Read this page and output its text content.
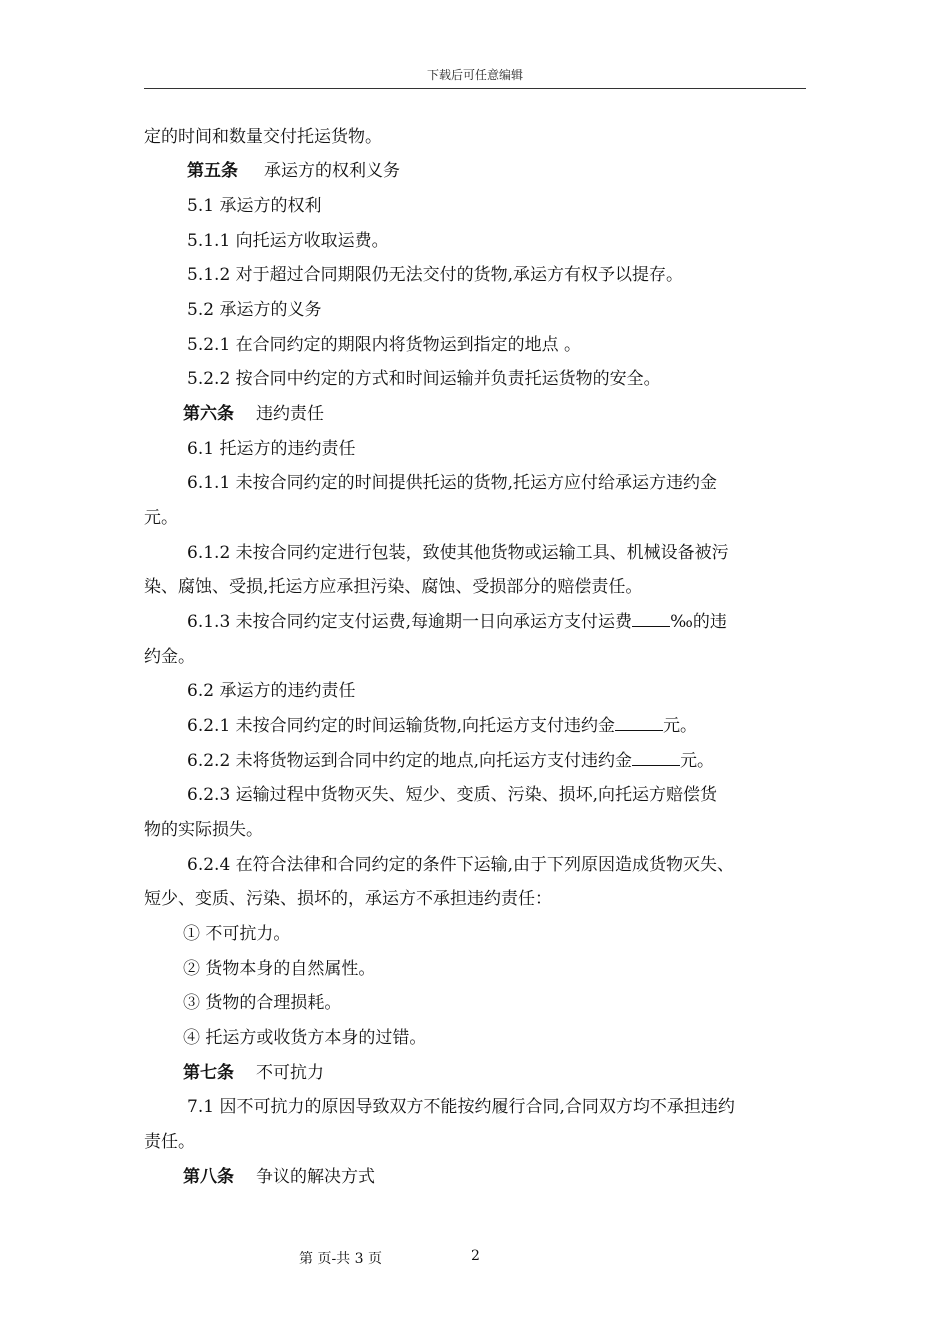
下载后可任意编辑
定的时间和数量交付托运货物。
第五条 承运方的权利义务
5.1 承运方的权利
5.1.1 向托运方收取运费。
5.1.2 对于超过合同期限仍无法交付的货物,承运方有权予以提存。
5.2 承运方的义务
5.2.1 在合同约定的期限内将货物运到指定的地点 。
5.2.2 按合同中约定的方式和时间运输并负责托运货物的安全。
第六条 违约责任
6.1 托运方的违约责任
6.1.1 未按合同约定的时间提供托运的货物,托运方应付给承运方违约金
元。
6.1.2 未按合同约定进行包装，致使其他货物或运输工具、机械设备被污
染、腐蚀、受损,托运方应承担污染、腐蚀、受损部分的赔偿责任。
6.1.3 未按合同约定支付运费,每逾期一日向承运方支付运费 ‰的违
约金。
6.2 承运方的违约责任
6.2.1 未按合同约定的时间运输货物,向托运方支付违约金	元。
6.2.2 未将货物运到合同中约定的地点,向托运方支付违约金	元。
6.2.3 运输过程中货物灭失、短少、变质、污染、损坏,向托运方赔偿货
物的实际损失。
6.2.4 在符合法律和合同约定的条件下运输,由于下列原因造成货物灭失、
短少、变质、污染、损坏的，承运方不承担违约责任：
① 不可抗力。
② 货物本身的自然属性。
③ 货物的合理损耗。
④ 托运方或收货方本身的过错。
第七条 不可抗力
7.1 因不可抗力的原因导致双方不能按约履行合同,合同双方均不承担违约
责任。
第八条 争议的解决方式
第 页-共 3 页	2
